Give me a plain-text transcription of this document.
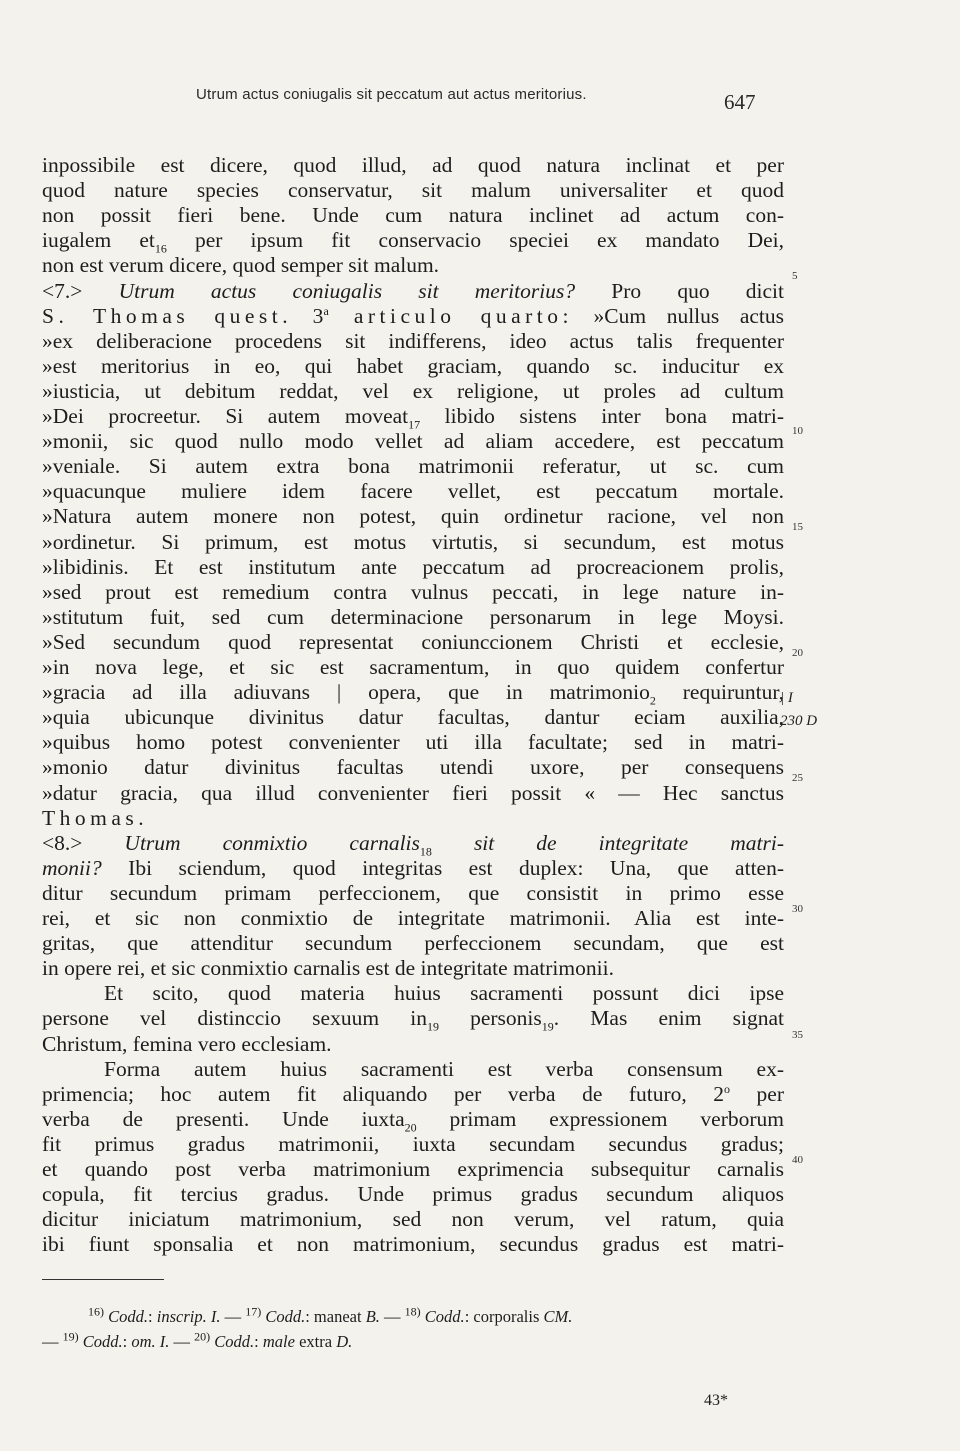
Utrum actus coniugalis sit peccatum aut actus meritorius.	647
inpossibile est dicere, quod illud, ad quod natura inclinat et per
quod nature species conservatur, sit malum universaliter et quod
non possit fieri bene. Unde cum natura inclinet ad actum con-
iugalem $et_{16}$ per ipsum fit conservacio speciei ex mandato Dei,
non est verum dicere, quod semper sit malum.
<7.> Utrum actus coniugalis sit meritorius? Pro quo dicit
S. Thomas quest. 3$^a$ articulo quarto: »Cum nullus actus
»ex deliberacione procedens sit indifferens, ideo actus talis frequenter
»est meritorius in eo, qui habet graciam, quando sc. inducitur ex
»iusticia, ut debitum reddat, vel ex religione, ut proles ad cultum
»Dei procreetur. Si autem moveat$_{17}$ libido sistens inter bona matri-
»monii, sic quod nullo modo vellet ad aliam accedere, est peccatum
»veniale. Si autem extra bona matrimonii referatur, ut sc. cum
»quacunque muliere idem facere vellet, est peccatum mortale.
»Natura autem monere non potest, quin ordinetur racione, vel non
»ordinetur. Si primum, est motus virtutis, si secundum, est motus
»libidinis. Et est institutum ante peccatum ad procreacionem prolis,
»sed prout est remedium contra vulnus peccati, in lege nature in-
»stitutum fuit, sed cum determinacione personarum in lege Moysi.
»Sed secundum quod representat coniunccionem Christi et ecclesie,
»in nova lege, et sic est sacramentum, in quo quidem confertur
»gracia ad illa adiuvans | opera, que in matrimonio$_2$ requiruntur,
»quia ubicunque divinitus datur facultas, dantur eciam auxilia,
»quibus homo potest convenienter uti illa facultate; sed in matri-
»monio datur divinitus facultas utendi uxore, per consequens
»datur gracia, qua illud convenienter fieri possit « — Hec sanctus
Thomas.
<8.> Utrum conmixtio carnalis$_{18}$ sit de integritate matri-
monii? Ibi sciendum, quod integritas est duplex: Una, que atten-
ditur secundum primam perfeccionem, que consistit in primo esse
rei, et sic non conmixtio de integritate matrimonii. Alia est inte-
gritas, que attenditur secundum perfeccionem secundam, que est
in opere rei, et sic conmixtio carnalis est de integritate matrimonii.
Et scito, quod materia huius sacramenti possunt dici ipse
persone vel distinccio sexuum $in_{19}$ personis$_{19}$. Mas enim signat
Christum, femina vero ecclesiam.
Forma autem huius sacramenti est verba consensum ex-
primencia; hoc autem fit aliquando per verba de futuro, 2$^o$ per
verba de presenti. Unde iuxta$_{20}$ primam expressionem verborum
fit primus gradus matrimonii, iuxta secundam secundus gradus;
et quando post verba matrimonium exprimencia subsequitur carnalis
copula, fit tercius gradus. Unde primus gradus secundum aliquos
dicitur iniciatum matrimonium, sed non verum, vel ratum, quia
ibi fiunt sponsalia et non matrimonium, secundus gradus est matri-
5
10
15
20
25
30
35
40
| I
230 D
$^{16)}$ Codd.: inscrip. I. — $^{17)}$ Codd.: maneat B. — $^{18)}$ Codd.: corporalis CM.
— $^{19)}$ Codd.: om. I. — $^{20)}$ Codd.: male extra D.
43*
